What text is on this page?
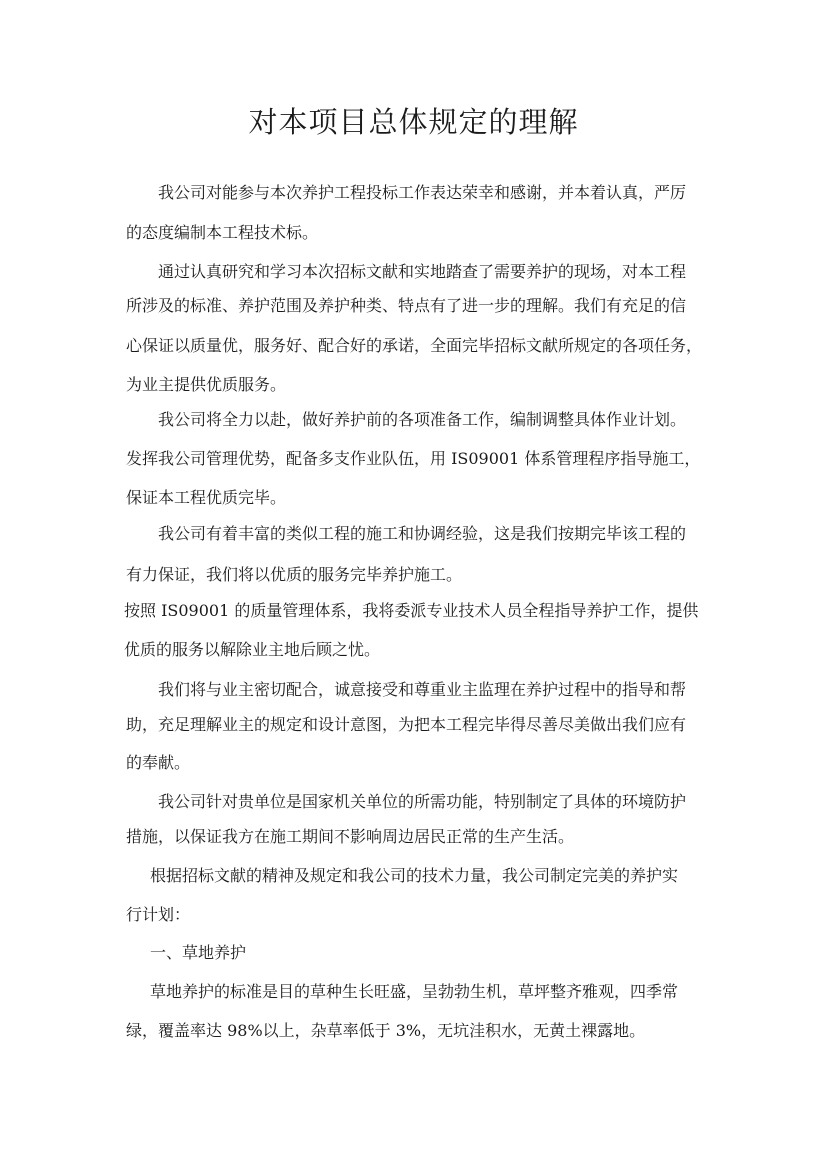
对本项目总体规定的理解
我公司对能参与本次养护工程投标工作表达荣幸和感谢，并本着认真，严厉
的态度编制本工程技术标。
通过认真研究和学习本次招标文献和实地踏查了需要养护的现场，对本工程
所涉及的标准、养护范围及养护种类、特点有了进一步的理解。我们有充足的信
心保证以质量优，服务好、配合好的承诺，全面完毕招标文献所规定的各项任务，
为业主提供优质服务。
我公司将全力以赴，做好养护前的各项准备工作，编制调整具体作业计划。
发挥我公司管理优势，配备多支作业队伍，用 IS09001 体系管理程序指导施工，
保证本工程优质完毕。
我公司有着丰富的类似工程的施工和协调经验，这是我们按期完毕该工程的
有力保证，我们将以优质的服务完毕养护施工。
按照 IS09001 的质量管理体系，我将委派专业技术人员全程指导养护工作，提供
优质的服务以解除业主地后顾之忧。
我们将与业主密切配合，诚意接受和尊重业主监理在养护过程中的指导和帮
助，充足理解业主的规定和设计意图，为把本工程完毕得尽善尽美做出我们应有
的奉献。
我公司针对贵单位是国家机关单位的所需功能，特别制定了具体的环境防护
措施，以保证我方在施工期间不影响周边居民正常的生产生活。
根据招标文献的精神及规定和我公司的技术力量，我公司制定完美的养护实
行计划：
一、草地养护
草地养护的标准是目的草种生长旺盛，呈勃勃生机，草坪整齐雅观，四季常
绿，覆盖率达 98%以上，杂草率低于 3%，无坑洼积水，无黄土裸露地。
